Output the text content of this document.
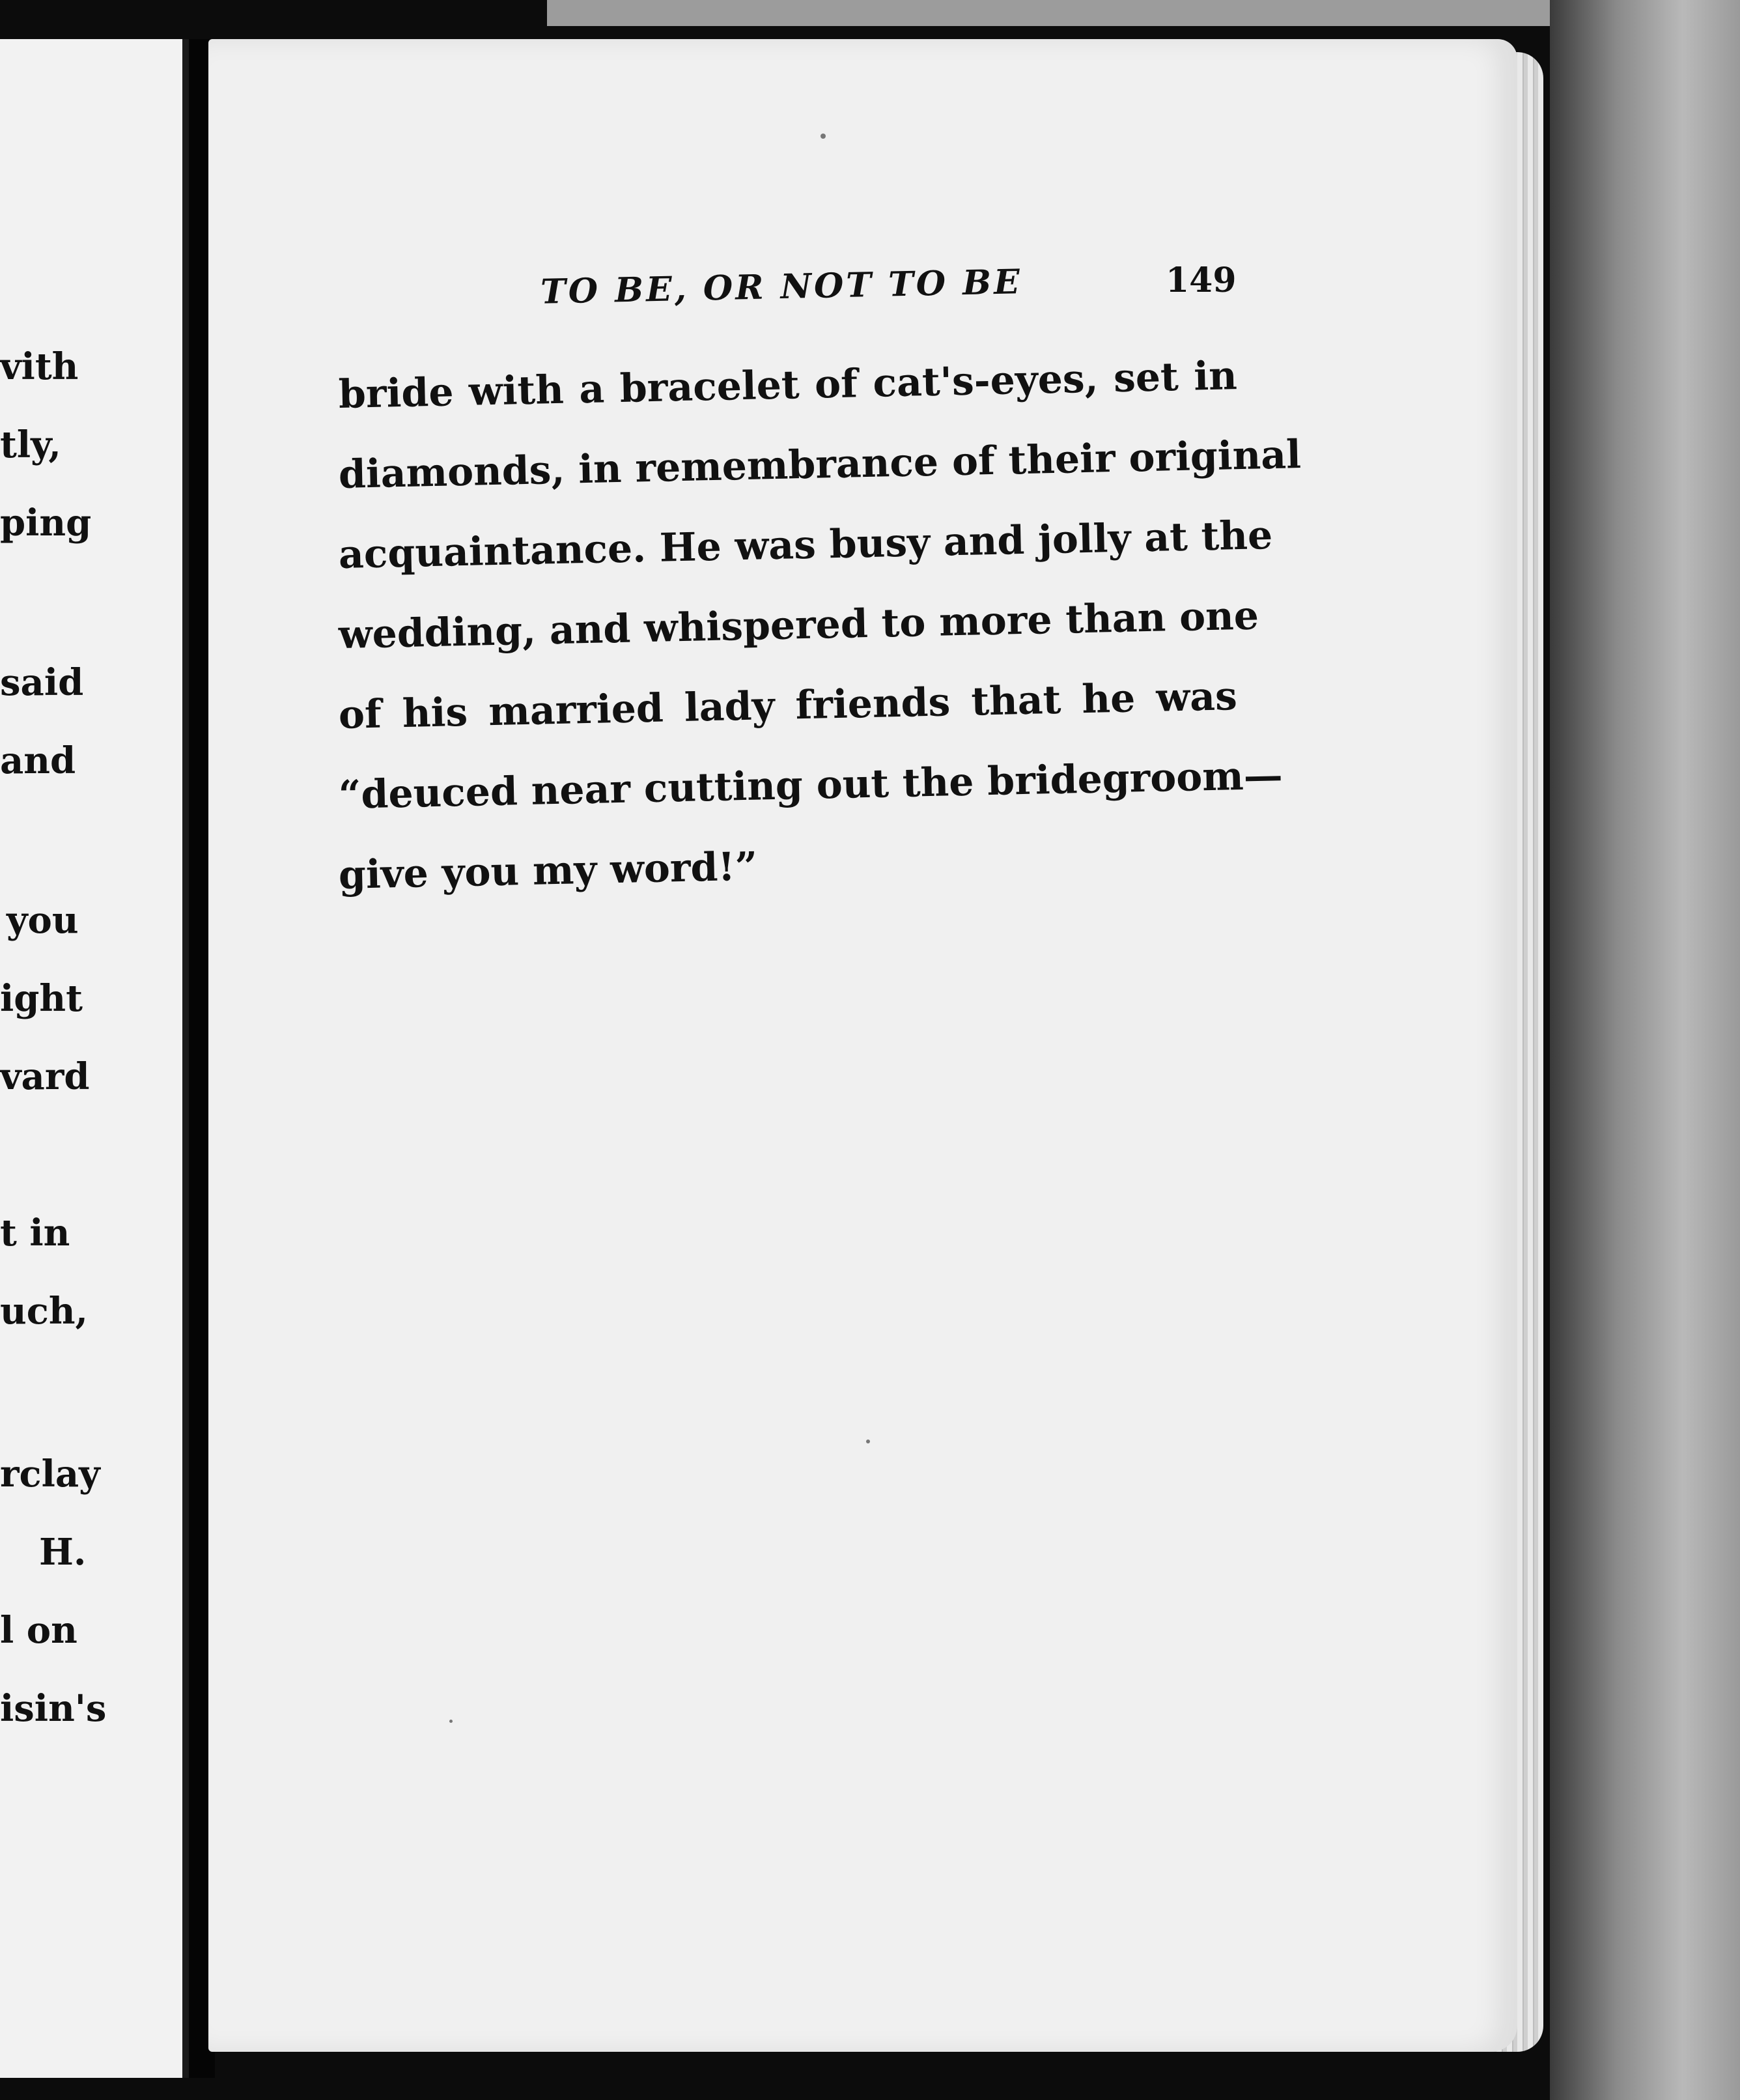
vith
tly,
ping
said
and
you
ight
vard
t in
uch,
rclay
H.
l on
isin's
TO BE, OR NOT TO BE	149
bride with a bracelet of cat's-eyes, set in
diamonds, in remembrance of their original
acquaintance. He was busy and jolly at the
wedding, and whispered to more than one
of his married lady friends that he was
“deuced near cutting out the bridegroom—
give you my word!”
